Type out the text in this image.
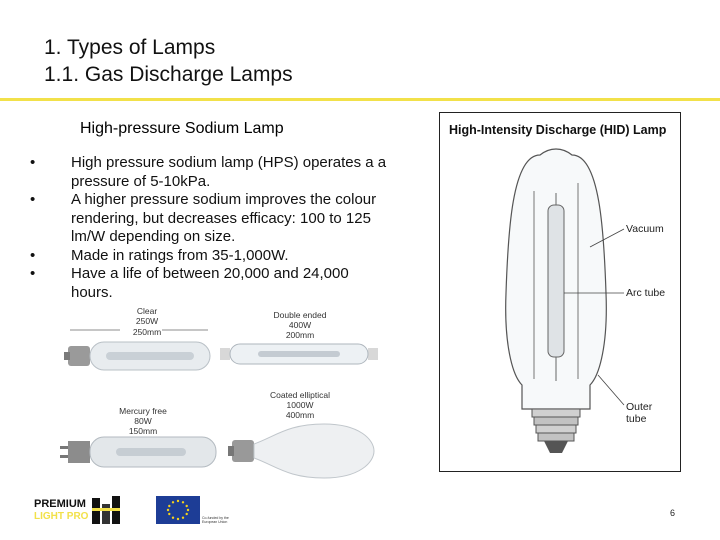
1. Types of Lamps
1.1. Gas Discharge Lamps
High-pressure Sodium Lamp
• High pressure sodium lamp (HPS) operates a a pressure of 5-10kPa.
• A higher pressure sodium improves the colour rendering, but decreases efficacy: 100 to 125 lm/W depending on size.
• Made in ratings from 35-1,000W.
• Have a life of between 20,000 and 24,000 hours.
Clear
250W
250mm
Double ended
400W
200mm
Mercury free
80W
150mm
Coated elliptical
1000W
400mm
High-Intensity Discharge (HID) Lamp
Vacuum
Arc tube
Outer
tube
PREMIUM
LIGHT PRO	Co-funded by the European Union
6
